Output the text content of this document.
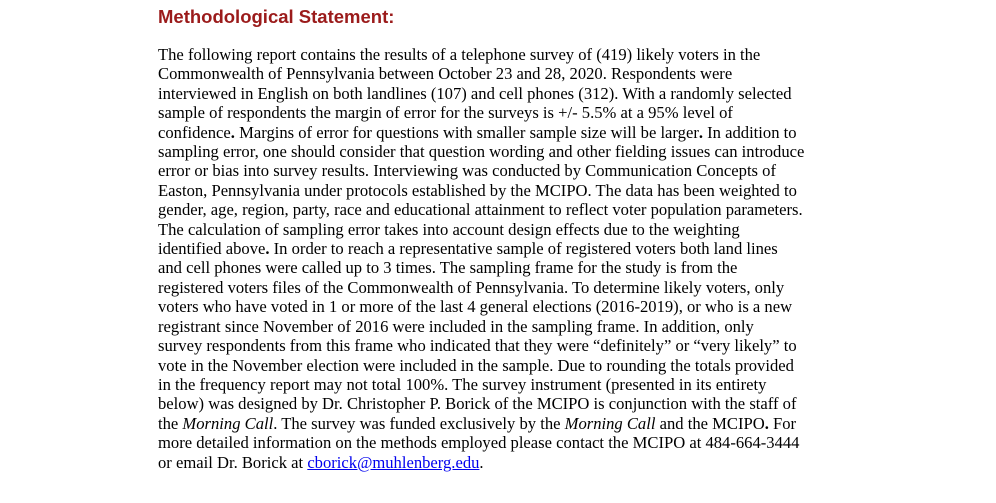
Methodological Statement:

The following report contains the results of a telephone survey of (419) likely voters in the
Commonwealth of Pennsylvania between October 23 and 28, 2020. Respondents were
interviewed in English on both landlines (107) and cell phones (312). With a randomly selected
sample of respondents the margin of error for the surveys is +/- 5.5% at a 95% level of
confidence. Margins of error for questions with smaller sample size will be larger. In addition to
sampling error, one should consider that question wording and other fielding issues can introduce
error or bias into survey results. Interviewing was conducted by Communication Concepts of
Easton, Pennsylvania under protocols established by the MCIPO. The data has been weighted to
gender, age, region, party, race and educational attainment to reflect voter population parameters.
The calculation of sampling error takes into account design effects due to the weighting
identified above. In order to reach a representative sample of registered voters both land lines
and cell phones were called up to 3 times. The sampling frame for the study is from the
registered voters files of the Commonwealth of Pennsylvania. To determine likely voters, only
voters who have voted in 1 or more of the last 4 general elections (2016-2019), or who is a new
registrant since November of 2016 were included in the sampling frame. In addition, only
survey respondents from this frame who indicated that they were “definitely” or “very likely” to
vote in the November election were included in the sample. Due to rounding the totals provided
in the frequency report may not total 100%. The survey instrument (presented in its entirety
below) was designed by Dr. Christopher P. Borick of the MCIPO is conjunction with the staff of
the Morning Call. The survey was funded exclusively by the Morning Call and the MCIPO. For
more detailed information on the methods employed please contact the MCIPO at 484-664-3444
or email Dr. Borick at cborick@muhlenberg.edu.
